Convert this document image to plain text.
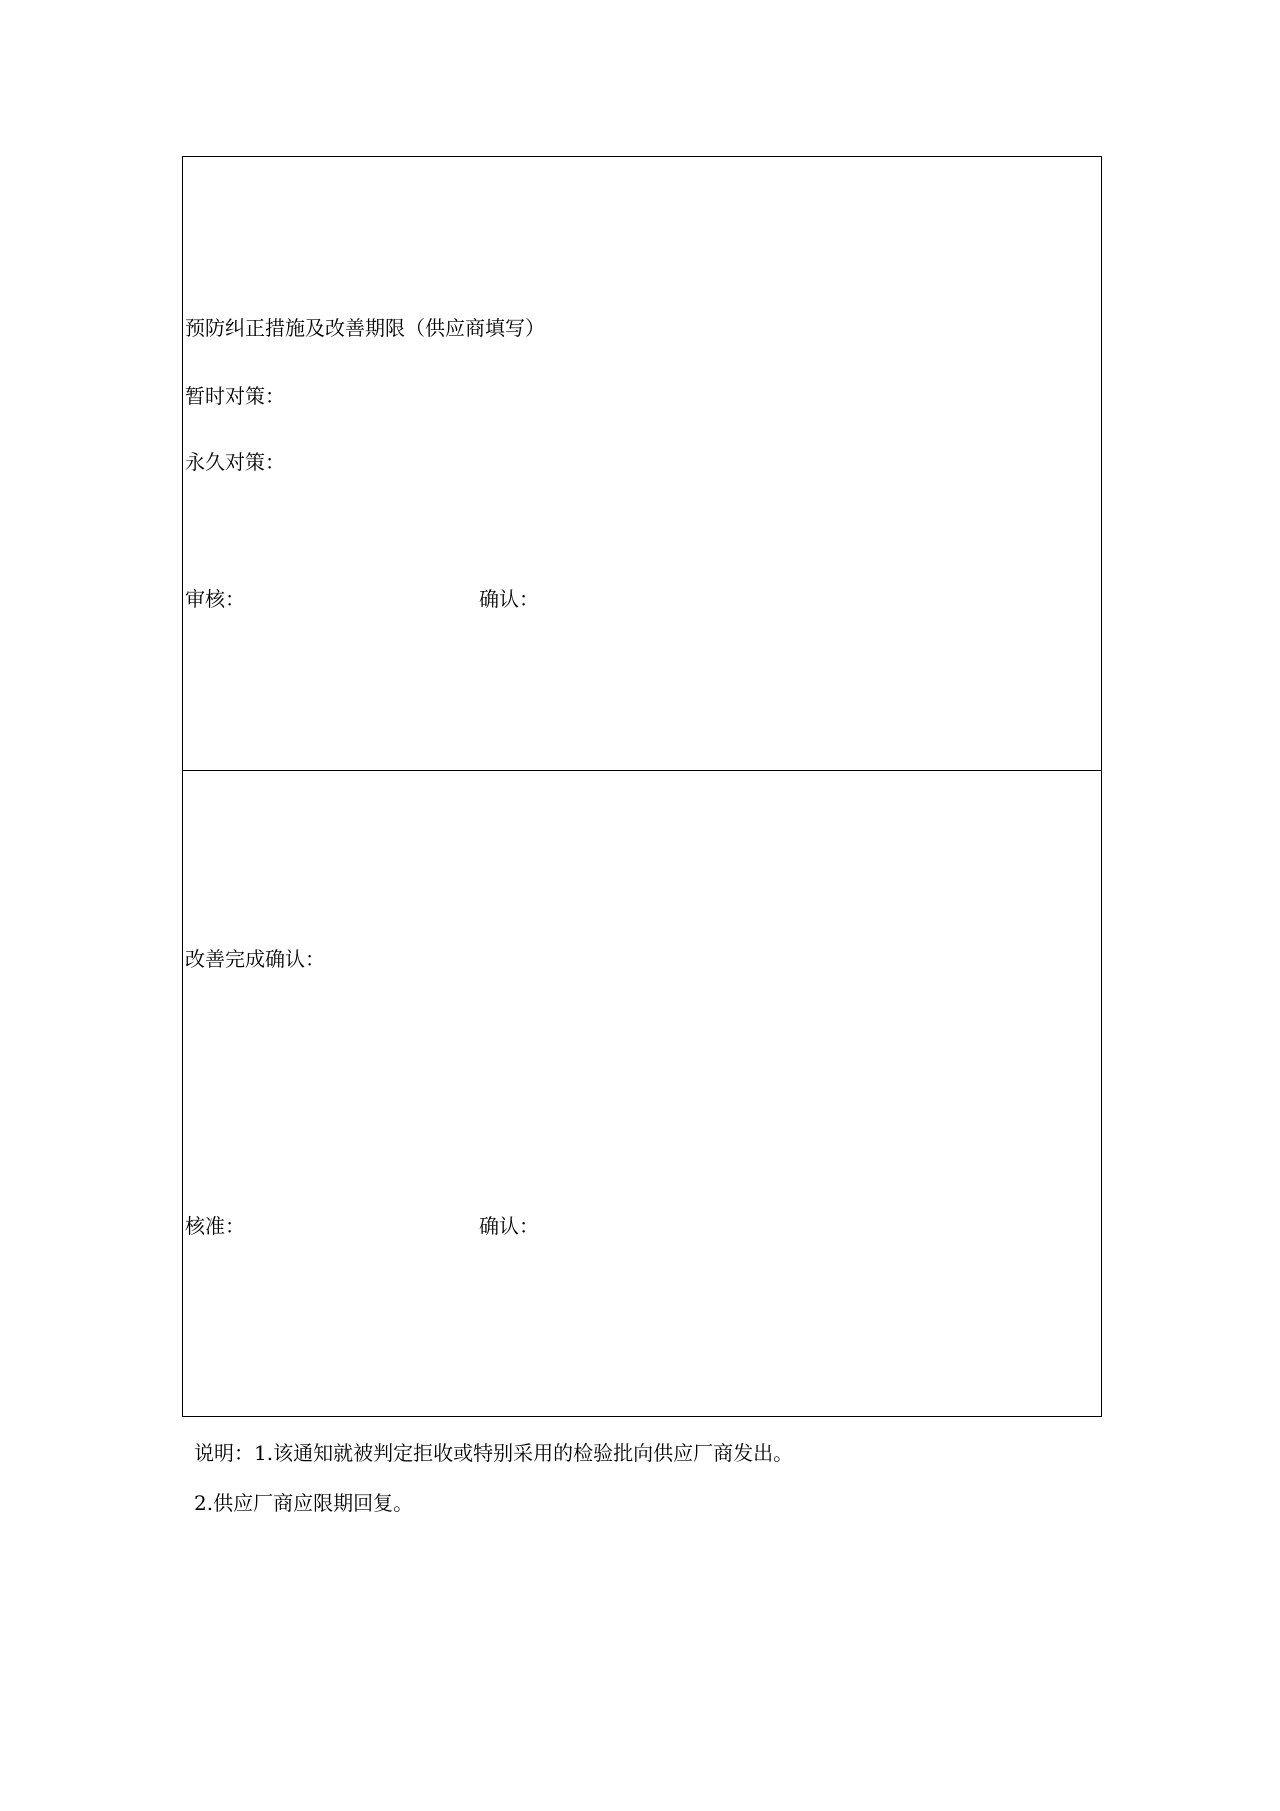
预防纠正措施及改善期限（供应商填写）
暂时对策：
永久对策：
审核：	确认：
改善完成确认：
核准：	确认：
说明：1.该通知就被判定拒收或特别采用的检验批向供应厂商发出。
2.供应厂商应限期回复。
